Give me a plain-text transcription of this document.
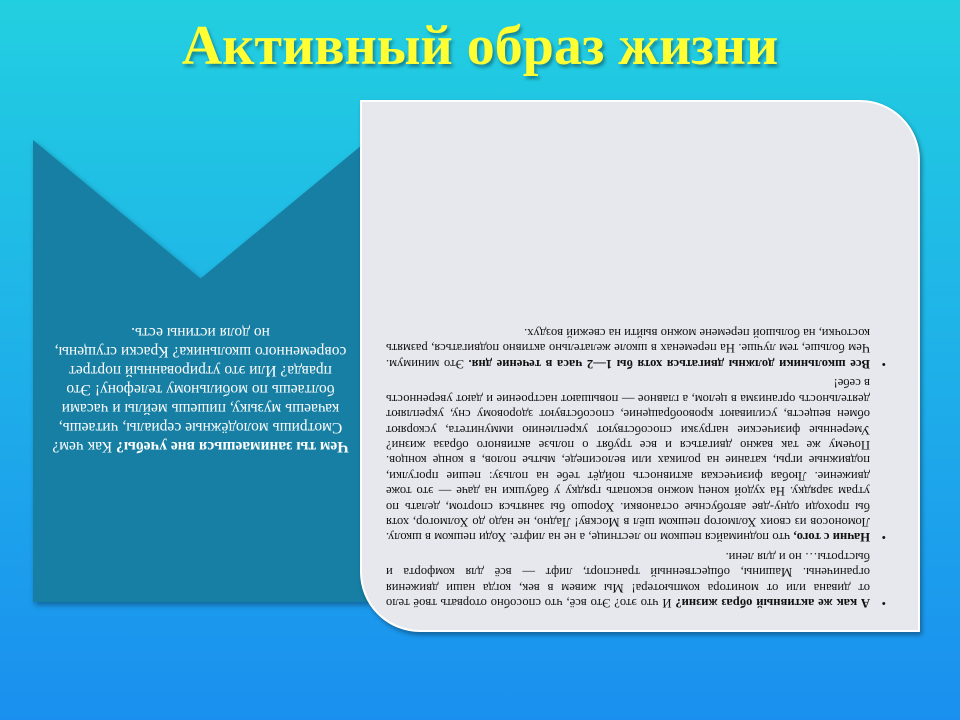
Активный образ жизни
Чем ты занимаешься вне учебы? Как чем? Смотришь молодёжные сериалы, читаешь, качаешь музыку, пишешь мейлы и часами болтаешь по мобильному телефону! Это правда? Или это утрированный портрет современного школьника? Краски сгущены, но доля истины есть.
•
А как же активный образ жизни? И что это? Это всё, что способно оторвать твоё тело от дивана или от монитора компьютера! Мы живем в век, когда наши движения ограничены. Машины, общественный транспорт, лифт — всё для комфорта и быстроты… но и для лени.
•
Начни с того, что поднимайся пешком по лестнице, а не на лифте. Ходи пешком в школу. Ломоносов из своих Холмогор пешком шёл в Москву! Ладно, не надо до Холмогор, хотя бы проходи одну-две автобусные остановки. Хорошо бы заняться спортом, делать по утрам зарядку. На худой конец можно вскопать грядку у бабушки на даче — это тоже движение. Любая физическая активность пойдёт тебе на пользу: пешие прогулки, подвижные игры, катание на роликах или велосипеде, мытье полов, в конце концов. Почему же так важно двигаться и все трубят о пользе активного образа жизни? Умеренные физические нагрузки способствуют укреплению иммунитета, ускоряют обмен веществ, усиливают кровообращение, способствуют здоровому сну, укрепляют деятельность организма в целом, а главное — повышают настроение и дают уверенность в себе!
•
Все школьники должны двигаться хотя бы 1—2 часа в течение дня. Это минимум. Чем больше, тем лучше. На переменах в школе желательно активно подвигаться, размять косточки, на большой перемене можно выйти на свежий воздух.
